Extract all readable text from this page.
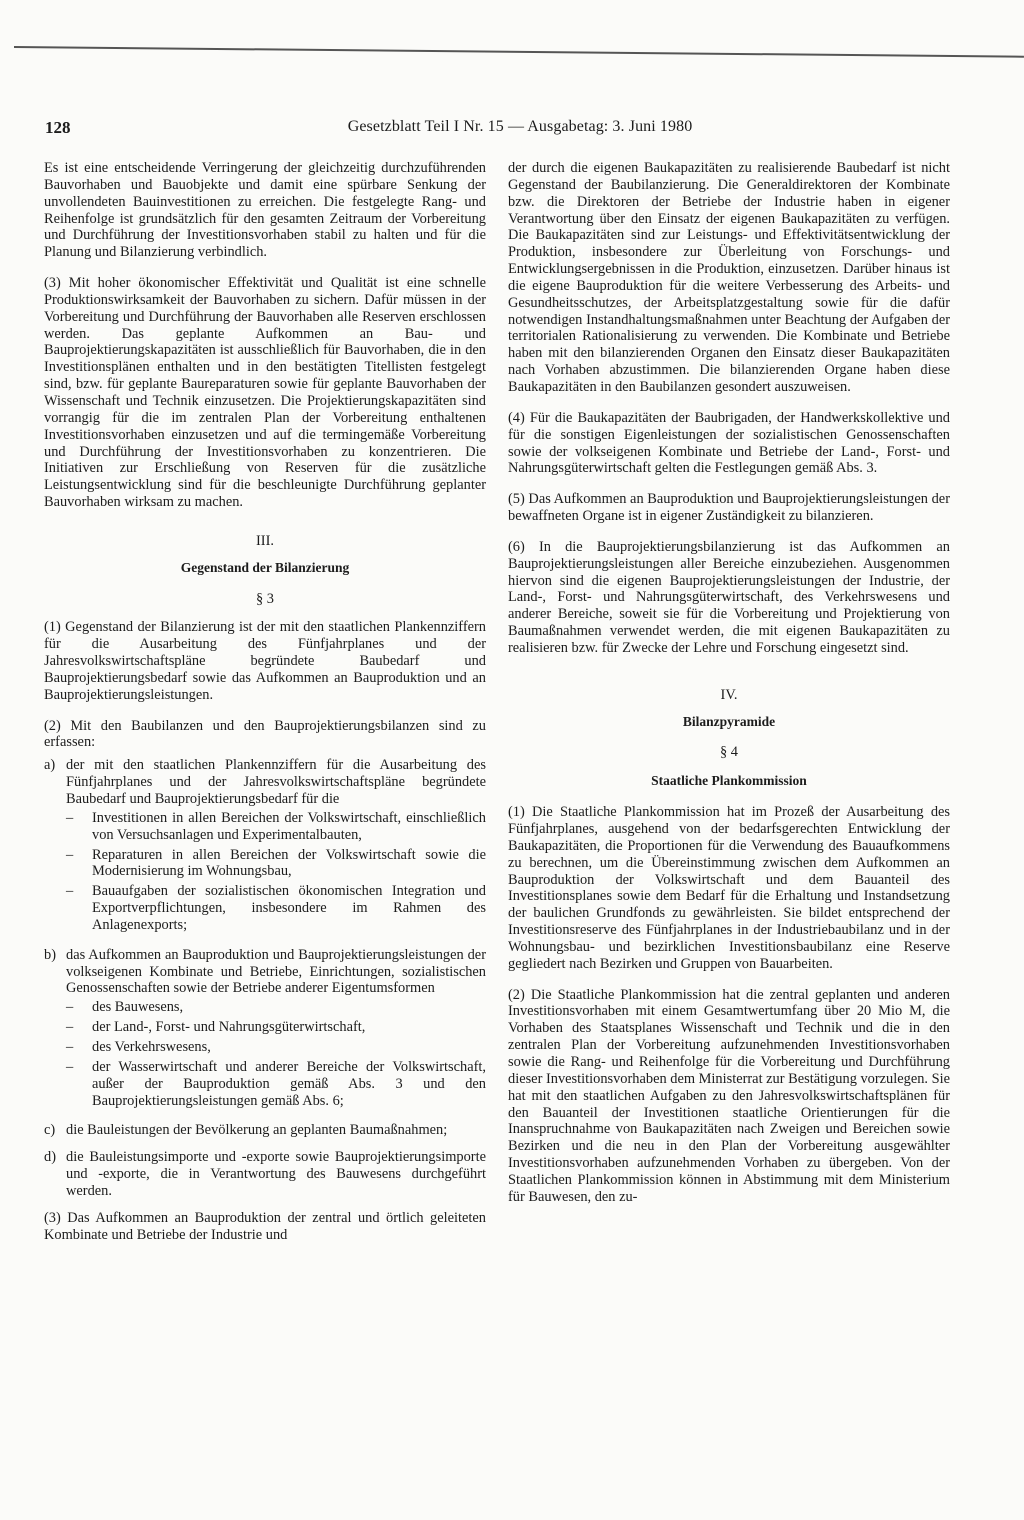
128	Gesetzblatt Teil I Nr. 15 — Ausgabetag: 3. Juni 1980

Es ist eine entscheidende Verringerung der gleichzeitig durchzuführenden Bauvorhaben und Bauobjekte und damit eine spürbare Senkung der unvollendeten Bauinvestitionen zu erreichen. Die festgelegte Rang- und Reihenfolge ist grundsätzlich für den gesamten Zeitraum der Vorbereitung und Durchführung der Investitionsvorhaben stabil zu halten und für die Planung und Bilanzierung verbindlich.

(3) Mit hoher ökonomischer Effektivität und Qualität ist eine schnelle Produktionswirksamkeit der Bauvorhaben zu sichern. Dafür müssen in der Vorbereitung und Durchführung der Bauvorhaben alle Reserven erschlossen werden. Das geplante Aufkommen an Bau- und Bauprojektierungskapazitäten ist ausschließlich für Bauvorhaben, die in den Investitionsplänen enthalten und in den bestätigten Titellisten festgelegt sind, bzw. für geplante Baureparaturen sowie für geplante Bauvorhaben der Wissenschaft und Technik einzusetzen. Die Projektierungskapazitäten sind vorrangig für die im zentralen Plan der Vorbereitung enthaltenen Investitionsvorhaben einzusetzen und auf die termingemäße Vorbereitung und Durchführung der Investitionsvorhaben zu konzentrieren. Die Initiativen zur Erschließung von Reserven für die zusätzliche Leistungsentwicklung sind für die beschleunigte Durchführung geplanter Bauvorhaben wirksam zu machen.

III.
Gegenstand der Bilanzierung
§ 3

(1) Gegenstand der Bilanzierung ist der mit den staatlichen Plankennziffern für die Ausarbeitung des Fünfjahrplanes und der Jahresvolkswirtschaftspläne begründete Baubedarf und Bauprojektierungsbedarf sowie das Aufkommen an Bauproduktion und an Bauprojektierungsleistungen.

(2) Mit den Baubilanzen und den Bauprojektierungsbilanzen sind zu erfassen:

a) der mit den staatlichen Plankennziffern für die Ausarbeitung des Fünfjahrplanes und der Jahresvolkswirtschaftspläne begründete Baubedarf und Bauprojektierungsbedarf für die
–	Investitionen in allen Bereichen der Volkswirtschaft, einschließlich von Versuchsanlagen und Experimentalbauten,
–	Reparaturen in allen Bereichen der Volkswirtschaft sowie die Modernisierung im Wohnungsbau,
–	Bauaufgaben der sozialistischen ökonomischen Integration und Exportverpflichtungen, insbesondere im Rahmen des Anlagenexports;
b) das Aufkommen an Bauproduktion und Bauprojektierungsleistungen der volkseigenen Kombinate und Betriebe, Einrichtungen, sozialistischen Genossenschaften sowie der Betriebe anderer Eigentumsformen
–	des Bauwesens,
–	der Land-, Forst- und Nahrungsgüterwirtschaft,
–	des Verkehrswesens,
–	der Wasserwirtschaft und anderer Bereiche der Volkswirtschaft, außer der Bauproduktion gemäß Abs. 3 und den Bauprojektierungsleistungen gemäß Abs. 6;
c) die Bauleistungen der Bevölkerung an geplanten Baumaßnahmen;
d) die Bauleistungsimporte und -exporte sowie Bauprojektierungsimporte und -exporte, die in Verantwortung des Bauwesens durchgeführt werden.

(3) Das Aufkommen an Bauproduktion der zentral und örtlich geleiteten Kombinate und Betriebe der Industrie und

der durch die eigenen Baukapazitäten zu realisierende Baubedarf ist nicht Gegenstand der Baubilanzierung. Die Generaldirektoren der Kombinate bzw. die Direktoren der Betriebe der Industrie haben in eigener Verantwortung über den Einsatz der eigenen Baukapazitäten zu verfügen. Die Baukapazitäten sind zur Leistungs- und Effektivitätsentwicklung der Produktion, insbesondere zur Überleitung von Forschungs- und Entwicklungsergebnissen in die Produktion, einzusetzen. Darüber hinaus ist die eigene Bauproduktion für die weitere Verbesserung des Arbeits- und Gesundheitsschutzes, der Arbeitsplatzgestaltung sowie für die dafür notwendigen Instandhaltungsmaßnahmen unter Beachtung der Aufgaben der territorialen Rationalisierung zu verwenden. Die Kombinate und Betriebe haben mit den bilanzierenden Organen den Einsatz dieser Baukapazitäten nach Vorhaben abzustimmen. Die bilanzierenden Organe haben diese Baukapazitäten in den Baubilanzen gesondert auszuweisen.

(4) Für die Baukapazitäten der Baubrigaden, der Handwerkskollektive und für die sonstigen Eigenleistungen der sozialistischen Genossenschaften sowie der volkseigenen Kombinate und Betriebe der Land-, Forst- und Nahrungsgüterwirtschaft gelten die Festlegungen gemäß Abs. 3.

(5) Das Aufkommen an Bauproduktion und Bauprojektierungsleistungen der bewaffneten Organe ist in eigener Zuständigkeit zu bilanzieren.

(6) In die Bauprojektierungsbilanzierung ist das Aufkommen an Bauprojektierungsleistungen aller Bereiche einzubeziehen. Ausgenommen hiervon sind die eigenen Bauprojektierungsleistungen der Industrie, der Land-, Forst- und Nahrungsgüterwirtschaft, des Verkehrswesens und anderer Bereiche, soweit sie für die Vorbereitung und Projektierung von Baumaßnahmen verwendet werden, die mit eigenen Baukapazitäten zu realisieren bzw. für Zwecke der Lehre und Forschung eingesetzt sind.

IV.
Bilanzpyramide
§ 4
Staatliche Plankommission

(1) Die Staatliche Plankommission hat im Prozeß der Ausarbeitung des Fünfjahrplanes, ausgehend von der bedarfsgerechten Entwicklung der Baukapazitäten, die Proportionen für die Verwendung des Bauaufkommens zu berechnen, um die Übereinstimmung zwischen dem Aufkommen an Bauproduktion der Volkswirtschaft und dem Bauanteil des Investitionsplanes sowie dem Bedarf für die Erhaltung und Instandsetzung der baulichen Grundfonds zu gewährleisten. Sie bildet entsprechend der Investitionsreserve des Fünfjahrplanes in der Industriebaubilanz und in der Wohnungsbau- und bezirklichen Investitionsbaubilanz eine Reserve gegliedert nach Bezirken und Gruppen von Bauarbeiten.

(2) Die Staatliche Plankommission hat die zentral geplanten und anderen Investitionsvorhaben mit einem Gesamtwertumfang über 20 Mio M, die Vorhaben des Staatsplanes Wissenschaft und Technik und die in den zentralen Plan der Vorbereitung aufzunehmenden Investitionsvorhaben sowie die Rang- und Reihenfolge für die Vorbereitung und Durchführung dieser Investitionsvorhaben dem Ministerrat zur Bestätigung vorzulegen. Sie hat mit den staatlichen Aufgaben zu den Jahresvolkswirtschaftsplänen für den Bauanteil der Investitionen staatliche Orientierungen für die Inanspruchnahme von Baukapazitäten nach Zweigen und Bereichen sowie Bezirken und die neu in den Plan der Vorbereitung ausgewählter Investitionsvorhaben aufzunehmenden Vorhaben zu übergeben. Von der Staatlichen Plankommission können in Abstimmung mit dem Ministerium für Bauwesen, den zu-
